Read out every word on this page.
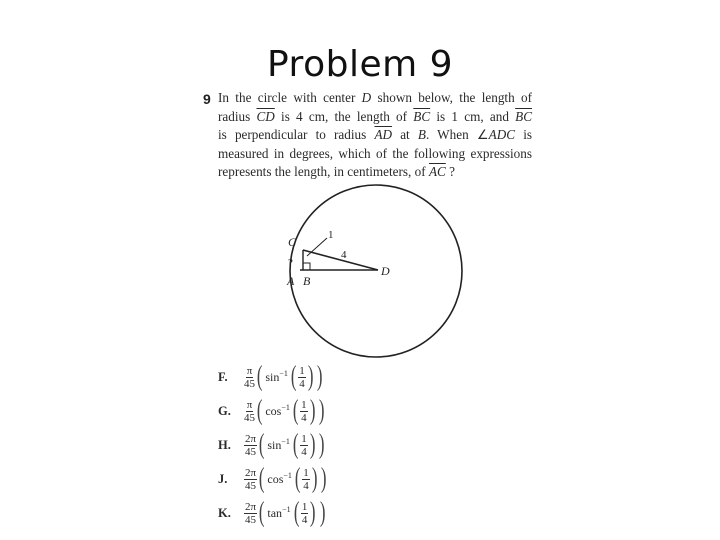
Problem 9
9 In the circle with center D shown below, the length of
radius $\overline{CD}$ is 4 cm, the length of $\overline{BC}$ is 1 cm, and $\overline{BC}$
is perpendicular to radius $\overline{AD}$ at B. When ∠ADC is
measured in degrees, which of the following expressions
represents the length, in centimeters, of $\overline{AC}$ ?
C
?
A B
D
1
4
F.	$\frac{\pi}{45}$ ( $\sin^{-1}$ ( $\frac{1}{4}$ ) )
G.	$\frac{\pi}{45}$ ( $\cos^{-1}$ ( $\frac{1}{4}$ ) )
H.	$\frac{2\pi}{45}$ ( $\sin^{-1}$ ( $\frac{1}{4}$ ) )
J.	$\frac{2\pi}{45}$ ( $\cos^{-1}$ ( $\frac{1}{4}$ ) )
K.	$\frac{2\pi}{45}$ ( $\tan^{-1}$ ( $\frac{1}{4}$ ) )
